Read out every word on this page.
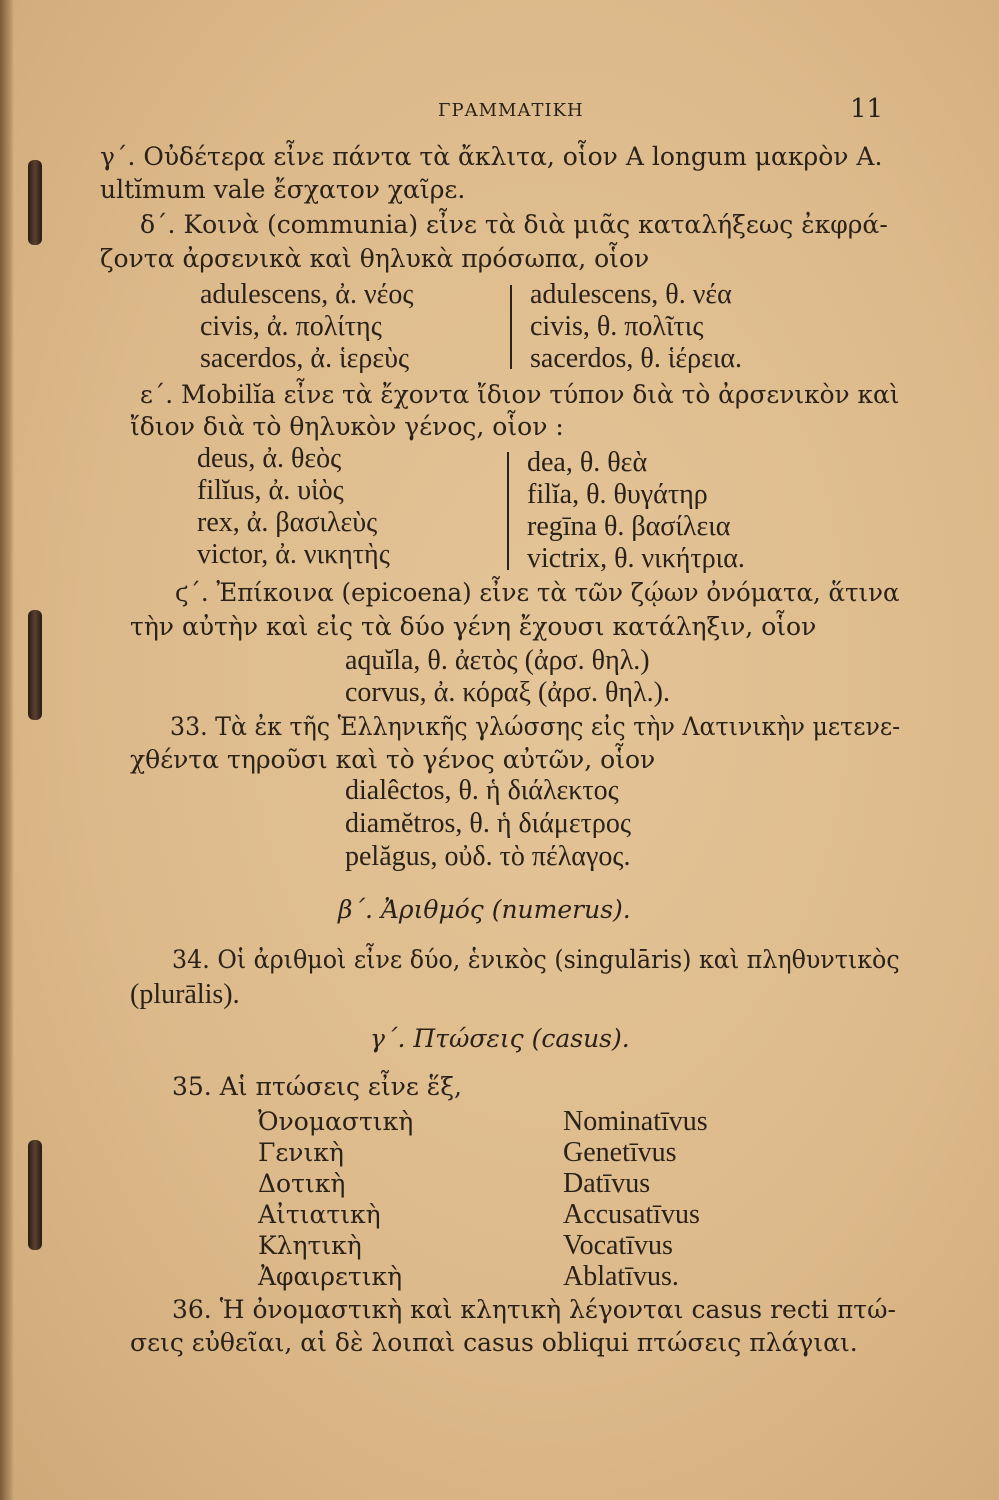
ΓΡΑΜΜΑΤΙΚΗ	11
γ΄. Οὐδέτερα εἶνε πάντα τὰ ἄκλιτα, οἷον A longum μακρὸν A.
ultĭmum vale ἔσχατον χαῖρε.
δ΄. Κοινὰ (communia) εἶνε τὰ διὰ μιᾶς καταλήξεως ἐκφρά-
ζοντα ἀρσενικὰ καὶ θηλυκὰ πρόσωπα, οἷον
adulescens, ἀ. νέος
civis, ἀ. πολίτης
sacerdos, ἀ. ἱερεὺς
adulescens, θ. νέα
civis, θ. πολῖτις
sacerdos, θ. ἱέρεια.
ε΄. Mobilĭa εἶνε τὰ ἔχοντα ἴδιον τύπον διὰ τὸ ἀρσενικὸν καὶ
ἴδιον διὰ τὸ θηλυκὸν γένος, οἷον :
deus, ἀ. θεὸς
filĭus, ἀ. υἱὸς
rex, ἀ. βασιλεὺς
victor, ἀ. νικητὴς
dea, θ. θεὰ
filĭa, θ. θυγάτηρ
regīna θ. βασίλεια
victrix, θ. νικήτρια.
ϛ΄. Ἐπίκοινα (epicoena) εἶνε τὰ τῶν ζῴων ὀνόματα, ἅτινα
τὴν αὐτὴν καὶ εἰς τὰ δύο γένη ἔχουσι κατάληξιν, οἷον
aquĭla, θ. ἀετὸς (ἀρσ. θηλ.)
corvus, ἀ. κόραξ (ἀρσ. θηλ.).
33. Τὰ ἐκ τῆς Ἑλληνικῆς γλώσσης εἰς τὴν Λατινικὴν μετενε-
χθέντα τηροῦσι καὶ τὸ γένος αὐτῶν, οἷον
dialêctos, θ. ἡ διάλεκτος
diamĕtros, θ. ἡ διάμετρος
pelăgus, οὐδ. τὸ πέλαγος.
β΄. Ἀριθμός (numerus).
34. Οἱ ἀριθμοὶ εἶνε δύο, ἑνικὸς (singulāris) καὶ πληθυντικὸς
(plurālis).
γ΄. Πτώσεις (casus).
35. Αἱ πτώσεις εἶνε ἕξ,
Ὀνομαστικὴ
Γενικὴ
Δοτικὴ
Αἰτιατικὴ
Κλητικὴ
Ἀφαιρετικὴ
Nominatīvus
Genetīvus
Datīvus
Accusatīvus
Vocatīvus
Ablatīvus.
36. Ἡ ὀνομαστικὴ καὶ κλητικὴ λέγονται casus recti πτώ-
σεις εὐθεῖαι, αἱ δὲ λοιπαὶ casus obliqui πτώσεις πλάγιαι.
